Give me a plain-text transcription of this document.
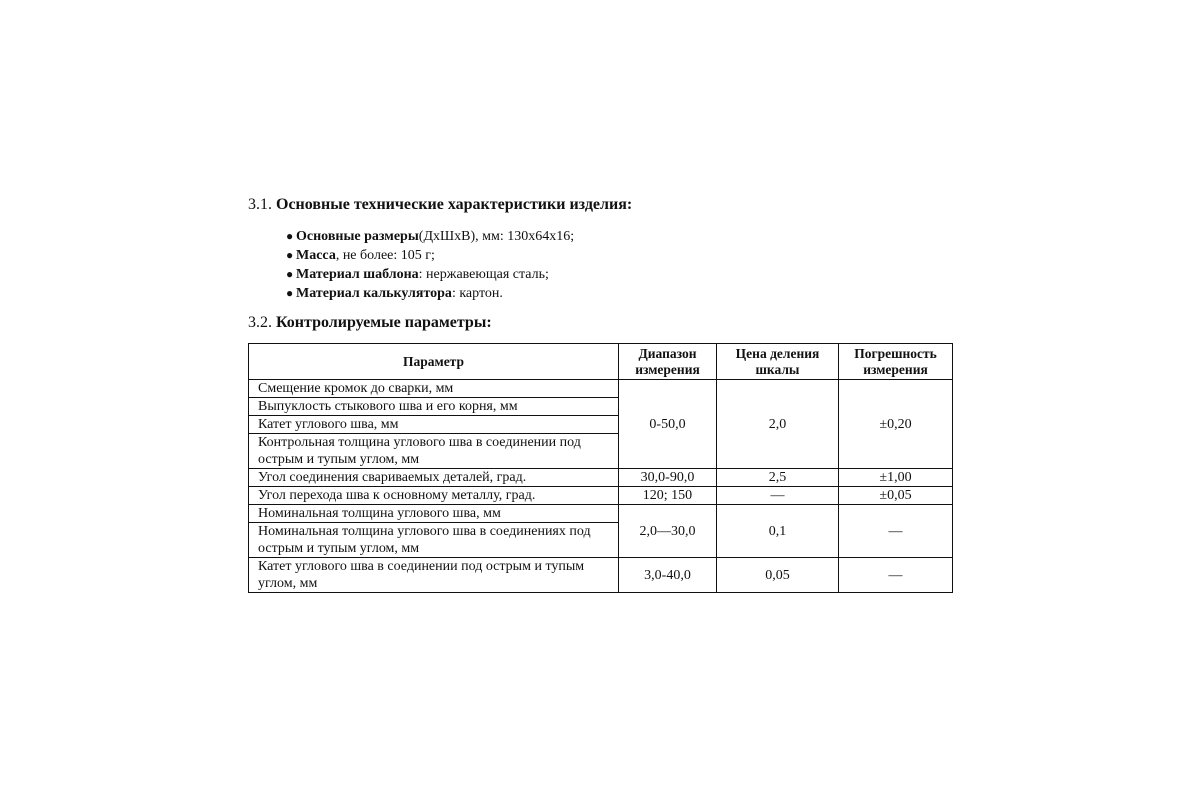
3.1. Основные технические характеристики изделия:
● Основные размеры(ДхШхВ), мм: 130х64х16;
● Масса, не более: 105 г;
● Материал шаблона: нержавеющая сталь;
● Материал калькулятора: картон.
3.2. Контролируемые параметры:
Параметр	Диапазон измерения	Цена деления шкалы	Погрешность измерения
Смещение кромок до сварки, мм	0-50,0	2,0	±0,20
Выпуклость стыкового шва и его корня, мм			
Катет углового шва, мм			
Контрольная толщина углового шва в соединении под острым и тупым углом, мм			
Угол соединения свариваемых деталей, град.	30,0-90,0	2,5	±1,00
Угол перехода шва к основному металлу, град.	120; 150	—	±0,05
Номинальная толщина углового шва, мм	2,0—30,0	0,1	—
Номинальная толщина углового шва в соединениях под острым и тупым углом, мм			
Катет углового шва в соединении под острым и тупым углом, мм	3,0-40,0	0,05	—
